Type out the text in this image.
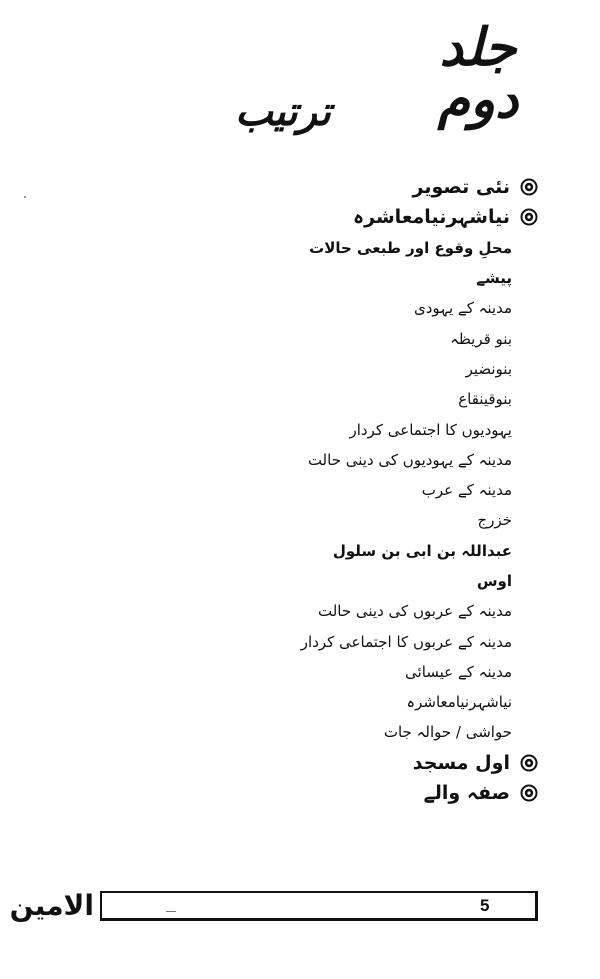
جلد دوم
ترتیب
نئی تصویر
نیاشہرنیامعاشرہ
محلِ وقوع اور طبعی حالات
پیشے
مدینہ کے یہودی
بنو قریظہ
بنونضیر
بنوقینقاع
یہودیوں کا اجتماعی کردار
مدینہ کے یہودیوں کی دینی حالت
مدینہ کے عرب
خزرج
عبداللہ بن ابی بن سلول
اوس
مدینہ کے عربوں کی دینی حالت
مدینہ کے عربوں کا اجتماعی کردار
مدینہ کے عیسائی
نیاشہرنیامعاشرہ
حواشی / حوالہ جات
اول مسجد
صفہ والے
5
الامین
